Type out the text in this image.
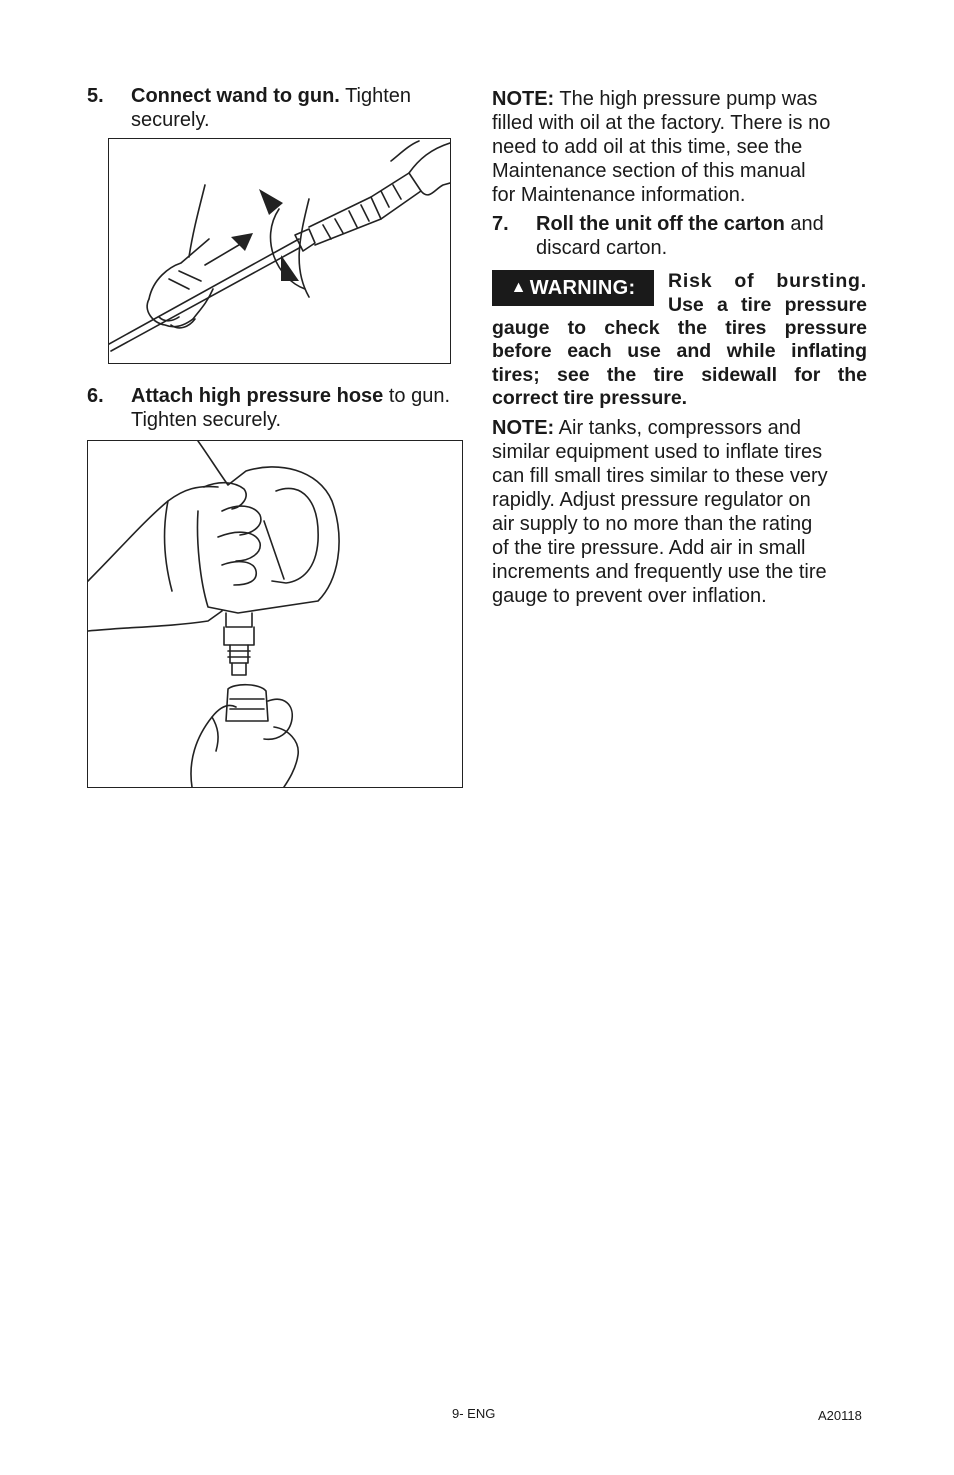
5. Connect wand to gun. Tighten securely.
6. Attach high pressure hose to gun. Tighten securely.
NOTE: The high pressure pump was
filled with oil at the factory. There is no
need to add oil at this time, see the
Maintenance section of this manual
for Maintenance information.
7. Roll the unit off the carton and
discard carton.
▲ WARNING: Risk of bursting.
Use a tire pressure
gauge to check the tires pressure
before each use and while inflating
tires; see the tire sidewall for the
correct tire pressure.
NOTE: Air tanks, compressors and
similar equipment used to inflate tires
can fill small tires similar to these very
rapidly. Adjust pressure regulator on
air supply to no more than the rating
of the tire pressure. Add air in small
increments and frequently use the tire
gauge to prevent over inflation.
9- ENG	A20118
